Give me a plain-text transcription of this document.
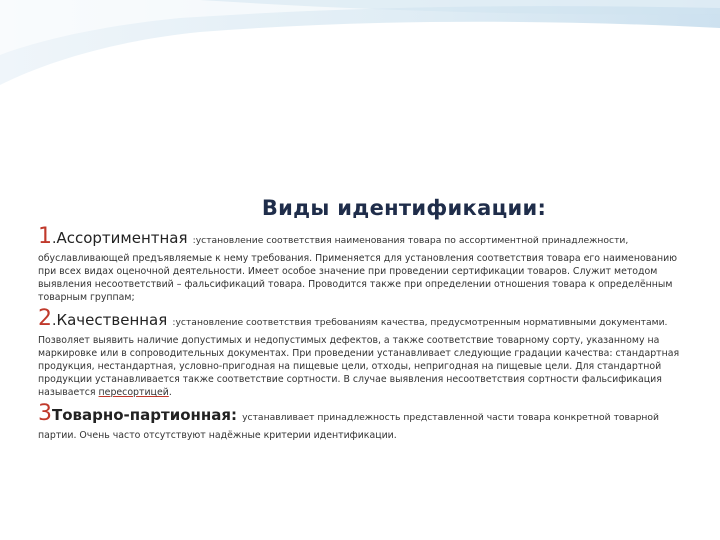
Виды идентификации:
1.Ассортиментная :установление соответствия наименования товара по ассортиментной принадлежности,

обуславливающей предъявляемые к нему требования. Применяется для установления соответствия товара его наименованию при всех видах оценочной деятельности. Имеет особое значение при проведении сертификации товаров. Служит методом выявления несоответствий – фальсификаций товара. Проводится также при определении отношения товара к определённым товарным группам;

2.Качественная :установление соответствия требованиям качества, предусмотренным нормативными документами.

Позволяет выявить наличие допустимых и недопустимых дефектов, а также соответствие товарному сорту, указанному на маркировке или в сопроводительных документах. При проведении устанавливает следующие градации качества: стандартная продукция, нестандартная, условно-пригодная на пищевые цели, отходы, непригодная на пищевые цели. Для стандартной продукции устанавливается также соответствие сортности. В случае выявления несоответствия сортности фальсификация называется пересортицей.

3Товарно-партионная: устанавливает принадлежность представленной части товара конкретной товарной

партии. Очень часто отсутствуют надёжные критерии идентификации.
